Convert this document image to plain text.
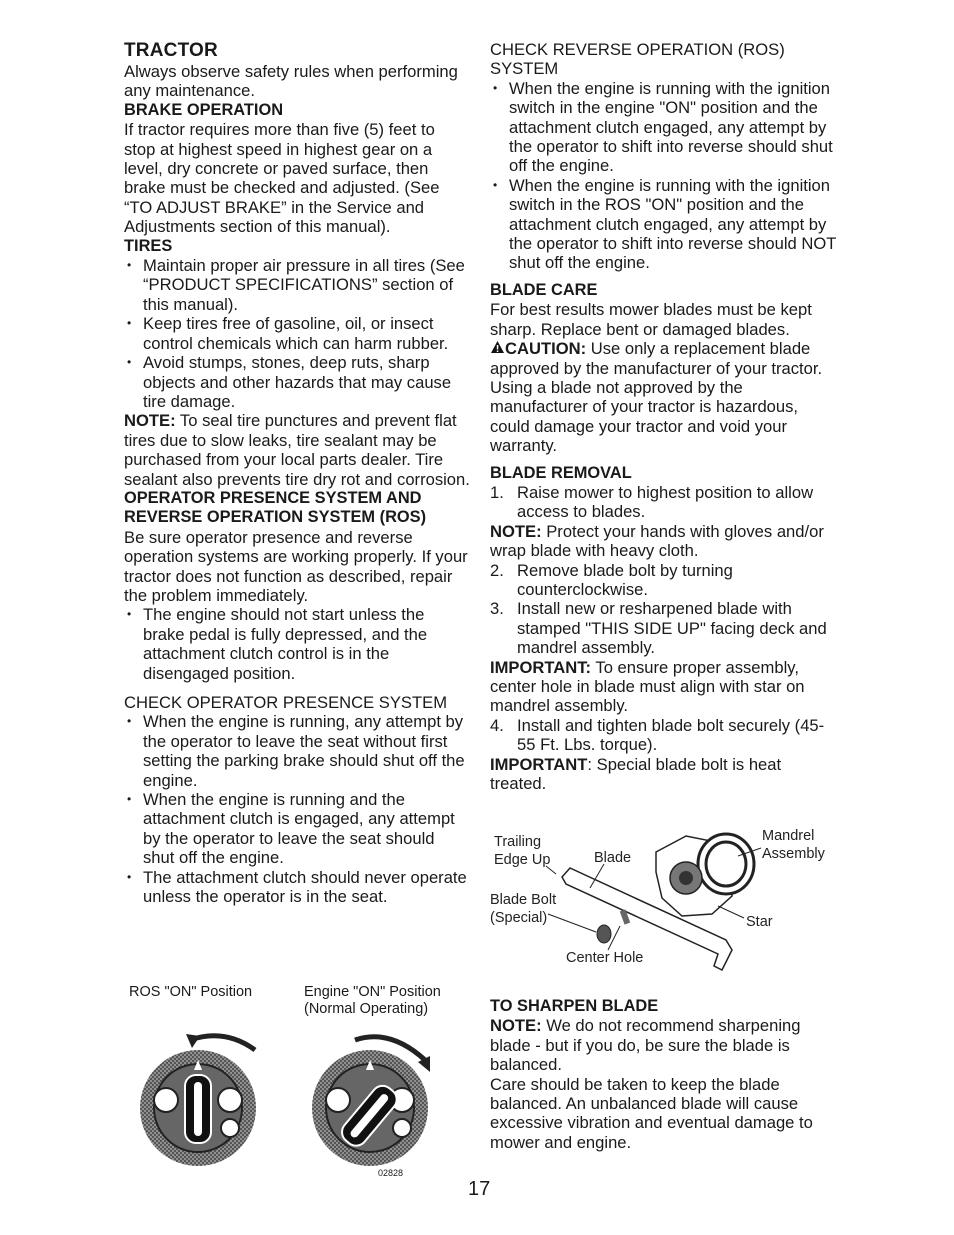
TRACTOR

Always observe safety rules when performing any maintenance.

BRAKE OPERATION

If tractor requires more than five (5) feet to stop at highest speed in highest gear on a level, dry concrete or paved surface, then brake must be checked and adjusted. (See “TO ADJUST BRAKE” in the Service and Adjustments section of this manual).

TIRES
• Maintain proper air pressure in all tires (See “PRODUCT SPECIFICATIONS” section of this manual).
• Keep tires free of gasoline, oil, or insect control chemicals which can harm rubber.
• Avoid stumps, stones, deep ruts, sharp objects and other hazards that may cause tire damage.

NOTE: To seal tire punctures and prevent flat tires due to slow leaks, tire sealant may be purchased from your local parts dealer. Tire sealant also prevents tire dry rot and corrosion.

OPERATOR PRESENCE SYSTEM AND REVERSE OPERATION SYSTEM (ROS)

Be sure operator presence and reverse operation systems are working properly. If your tractor does not function as described, repair the problem immediately.

• The engine should not start unless the brake pedal is fully depressed, and the attachment clutch control is in the disengaged position.
CHECK OPERATOR PRESENCE SYSTEM
• When the engine is running, any attempt by the operator to leave the seat without first setting the parking brake should shut off the engine.
• When the engine is running and the attachment clutch is engaged, any attempt by the operator to leave the seat should shut off the engine.
• The attachment clutch should never operate unless the operator is in the seat.
ROS "ON" Position	Engine "ON" Position
(Normal Operating)
02828
CHECK REVERSE OPERATION (ROS) SYSTEM
• When the engine is running with the ignition switch in the engine "ON" position and the attachment clutch engaged, any attempt by the operator to shift into reverse should shut off the engine.
• When the engine is running with the ignition switch in the ROS "ON" position and the attachment clutch engaged, any attempt by the operator to shift into reverse should NOT shut off the engine.
BLADE CARE

For best results mower blades must be kept sharp. Replace bent or damaged blades.

CAUTION: Use only a replacement blade approved by the manufacturer of your tractor. Using a blade not approved by the manufacturer of your tractor is hazardous, could damage your tractor and void your warranty.

BLADE REMOVAL
1. Raise mower to highest position to allow access to blades.

NOTE: Protect your hands with gloves and/or wrap blade with heavy cloth.

2. Remove blade bolt by turning counterclockwise.
3. Install new or resharpened blade with stamped "THIS SIDE UP" facing deck and mandrel assembly.

IMPORTANT: To ensure proper assembly, center hole in blade must align with star on mandrel assembly.

4. Install and tighten blade bolt securely (45-55 Ft. Lbs. torque).

IMPORTANT: Special blade bolt is heat treated.

Trailing
Edge Up	Blade
Mandrel
Assembly
Blade Bolt
(Special)	Star
Center Hole
TO SHARPEN BLADE

NOTE: We do not recommend sharpening blade - but if you do, be sure the blade is balanced.

Care should be taken to keep the blade balanced. An unbalanced blade will cause excessive vibration and eventual damage to mower and engine.

17
